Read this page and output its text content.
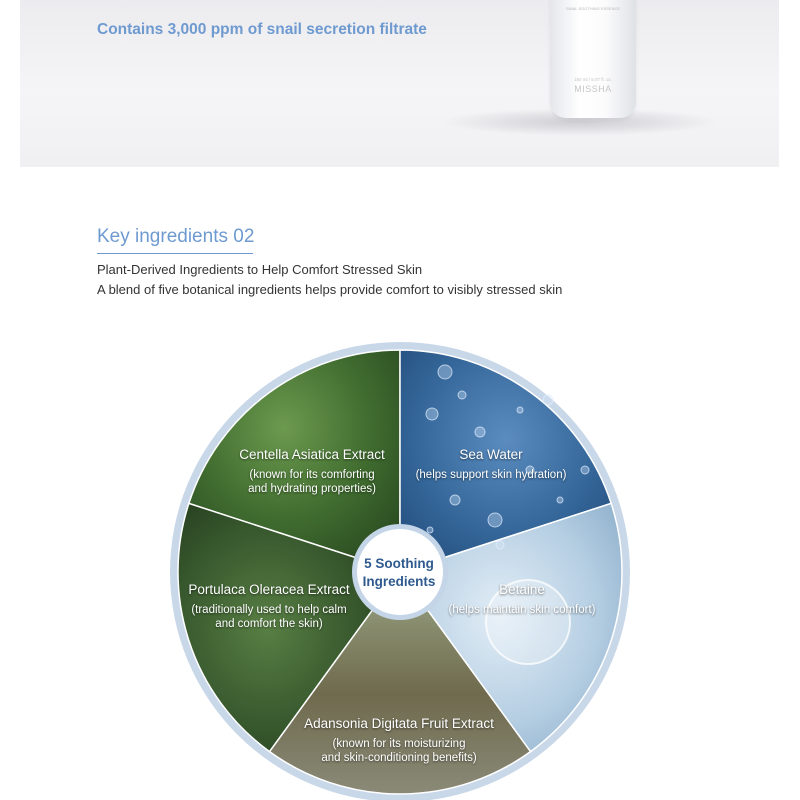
SNAIL SOOTHING ESSENCE
150 ml / 5.07 fl. oz.
MISSHA
Contains 3,000 ppm of snail secretion filtrate
Key ingredients 02
Plant-Derived Ingredients to Help Comfort Stressed Skin
A blend of five botanical ingredients helps provide comfort to visibly stressed skin
Centella Asiatica Extract
(known for its comforting
and hydrating properties)
Sea Water
(helps support skin hydration)
Betaine
(helps maintain skin comfort)
Adansonia Digitata Fruit Extract
(known for its moisturizing
and skin-conditioning benefits)
Portulaca Oleracea Extract
(traditionally used to help calm
and comfort the skin)
5 Soothing
Ingredients
